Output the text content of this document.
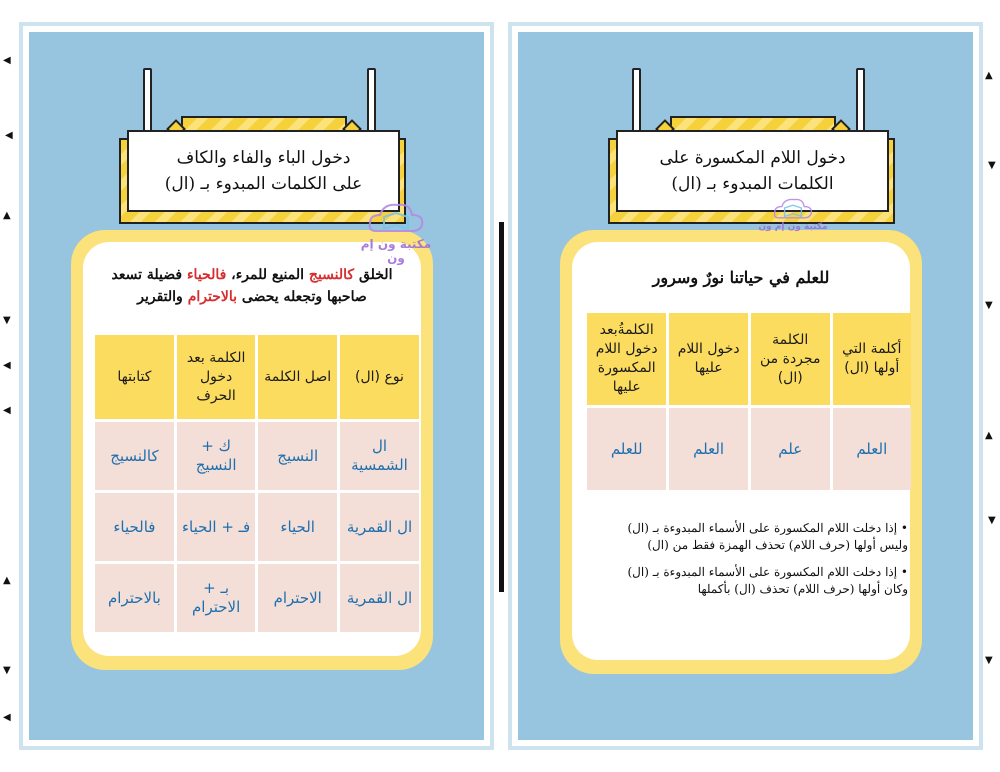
دخول الباء والفاء والكاف
على الكلمات المبدوء بـ (ال)
الخلق كالنسيج المنيع للمرء، فالحياء فضيلة تسعد صاحبها وتجعله يحضى بالاحترام والتقرير
نوع (ال)	اصل الكلمة	الكلمة بعد دخول الحرف	كتابتها
ال الشمسية	النسيج	ك + النسيج	كالنسيج
ال القمرية	الحياء	فـ + الحياء	فالحياء
ال القمرية	الاحترام	بـ + الاحترام	بالاحترام
مكتبة ون إم ون
دخول اللام المكسورة على
الكلمات المبدوء بـ (ال)
للعلم في حياتنا نورٌ وسرور
أكلمة التي أولها (ال)	الكلمة مجردة من (ال)	دخول اللام عليها	الكلمةُبعد دخول اللام المكسورة عليها
العلم	علم	العلم	للعلم
• إذا دخلت اللام المكسورة على الأسماء المبدوءة بـ (ال)
وليس أولها (حرف اللام) تحذف الهمزة فقط من (ال)
• إذا دخلت اللام المكسورة على الأسماء المبدوءة بـ (ال)
وكان أولها (حرف اللام) تحذف (ال) بأكملها
مكتبة ون إم ون
◀
◀
▲
▼
◀
◀
▲
▼
◀
▲
▼
▼
▲
▼
▼
